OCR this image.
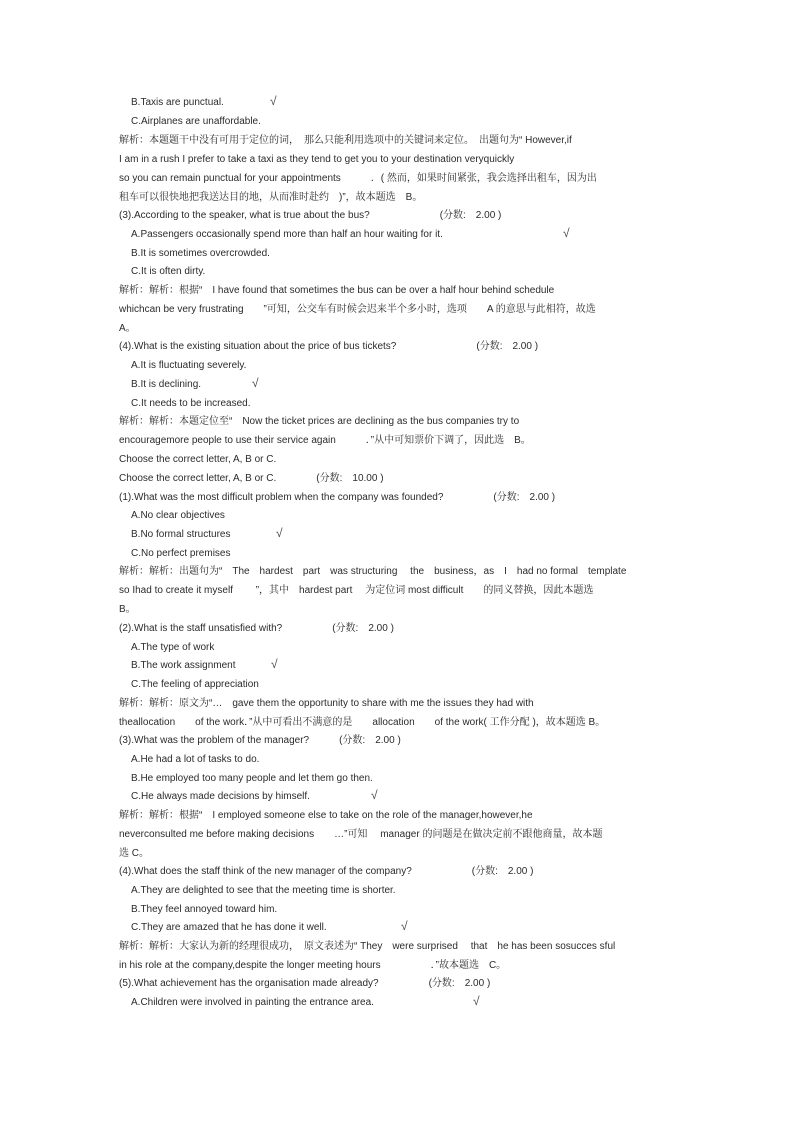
B.Taxis are punctual.	√
C.Airplanes are unaffordable.
解析：本题题干中没有可用于定位的词，　那么只能利用选项中的关键词来定位。　出题句为“ However,if
I am in a rush I prefer to take a taxi as they tend to get you to your destination veryquickly
so you can remain punctual for your appointments　　　．( 然而，如果时间紧张，我会选择出租车，因为出
租车可以很快地把我送达目的地，从而准时赴约　)”，故本题选　B。
(3).According to the speaker, what is true about the bus?　　　　　　　(分数:　2.00 )
A.Passengers occasionally spend more than half an hour waiting for it.	√
B.It is sometimes overcrowded.
C.It is often dirty.
解析：解析：根据“　I have found that sometimes the bus can be over a half hour behind schedule
whichcan be very frustrating　　”可知，公交车有时候会迟来半个多小时，选项　　A 的意思与此相符，故选
A。
(4).What is the existing situation about the price of bus tickets?　　　　　　　　(分数:　2.00 )
A.It is fluctuating severely.
B.It is declining.	√
C.It needs to be increased.
解析：解析：本题定位至“　Now the ticket prices are declining as the bus companies try to
encouragemore people to use their service again　　　．”从中可知票价下调了，因此选　B。
Choose the correct letter, A, B or C.
Choose the correct letter, A, B or C.　　　　(分数:　10.00 )
(1).What was the most difficult problem when the company was founded?　　　　　(分数:　2.00 )
A.No clear objectives
B.No formal structures	√
C.No perfect premises
解析：解析：出题句为“　The　hardest　part　was structuring　 the　business，as　I　had no formal　template
so Ihad to create it myself　　 ”，其中　hardest part　 为定位词 most difficult　　的同义替换，因此本题选
B。
(2).What is the staff unsatisfied with?　　　　　(分数:　2.00 )
A.The type of work
B.The work assignment	√
C.The feeling of appreciation
解析：解析：原文为“…　gave them the opportunity to share with me the issues they had with
theallocation　　of the work．”从中可看出不满意的是　　allocation　　of the work( 工作分配 )，故本题选 B。
(3).What was the problem of the manager?　　　(分数:　2.00 )
A.He had a lot of tasks to do.
B.He employed too many people and let them go then.
C.He always made decisions by himself.	√
解析：解析：根据“　I employed someone else to take on the role of the manager,however,he
neverconsulted me before making decisions　　…”可知　 manager 的问题是在做决定前不跟他商量，故本题
选 C。
(4).What does the staff think of the new manager of the company?　　　　　　(分数:　2.00 )
A.They are delighted to see that the meeting time is shorter.
B.They feel annoyed toward him.
C.They are amazed that he has done it well.	√
解析：解析：大家认为新的经理很成功，　原文表述为“ They　were surprised　 that　he has been sosucces sful
in his role at the company,despite the longer meeting hours　　　　　．”故本题选　C。
(5).What achievement has the organisation made already?　　　　　(分数:　2.00 )
A.Children were involved in painting the entrance area.	√
